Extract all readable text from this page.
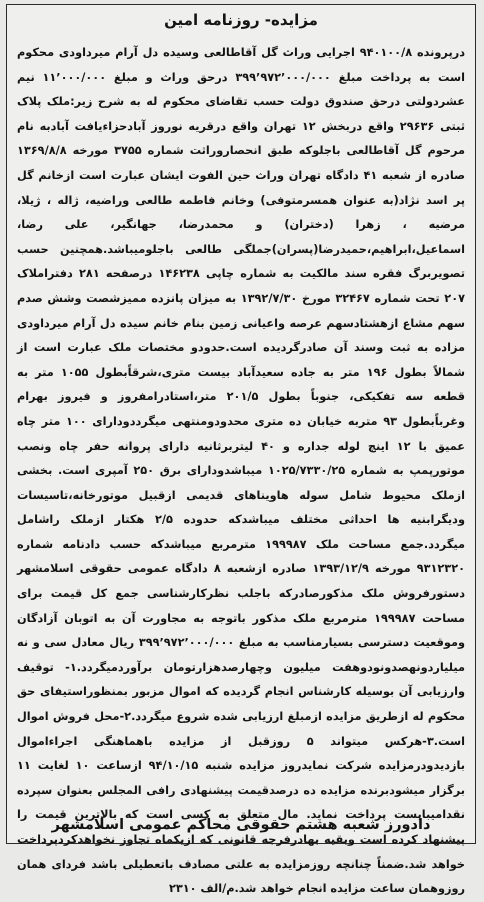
مزایده- روزنامه امین
درپرونده ۹۴۰۱۰۰/۸ اجرایی وراث گل آقاطالعی وسیده دل آرام میرداودی محکوم است به پرداخت مبلغ ۳۹۹٬۹۷۲٬۰۰۰/۰۰۰ درحق وراث و مبلغ ۱۱٬۰۰۰/۰۰۰ نیم عشردولتی درحق صندوق دولت حسب تقاضای محکوم له به شرح زیر:ملک پلاک ثبتی ۲۹۶۳۶ واقع دربخش ۱۲ تهران واقع درقریه نوروز آبادحزاءیافت آبادبه نام مرحوم گل آقاطالعی باجلوکه طبق انحصاروراثت شماره ۳۷۵۵ مورخه ۱۳۶۹/۸/۸ صادره از شعبه ۴۱ دادگاه تهران وراث حین الفوت ایشان عبارت است ازخانم گل پر اسد نژاد(به عنوان همسرمتوفی) وخانم فاطمه طالعی وراضیه، ژاله ، ژیلا، مرضیه ، زهرا (دختران) و محمدرضا، جهانگیر، علی رضا، اسماعیل،ابراهیم،حمیدرضا(پسران)جملگی طالعی باجلومیباشد.همچنین حسب تصویربرگ فقره سند مالکیت به شماره چاپی ۱۴۶۲۳۸ درصفحه ۲۸۱ دفتراملاک ۲۰۷ تحت شماره ۳۲۴۶۷ مورخ ۱۳۹۲/۷/۳۰ به میزان پانزده ممیزشصت وشش صدم سهم مشاع ازهشتادسهم عرصه واعیانی زمین بنام خانم سیده دل آرام میرداودی مزاده به ثبت وسند آن صادرگردیده است.حدودو مختصات ملک عبارت است از شمالاً بطول ۱۹۶ متر به جاده سعیدآباد بیست متری،شرقاًبطول ۱۰۵۵ متر به قطعه سه تفکیکی، جنوباً بطول ۲۰۱/۵ متر،استادرامفروز و فیروز بهرام وغرباًبطول ۹۳ متربه خیابان ده متری محدودومنتهی میگرددودارای ۱۰۰ متر چاه عمیق با ۱۲ اینچ لوله جداره و ۴۰ لیتربرثانیه دارای پروانه حفر چاه ونصب موتورپمپ به شماره ۱۰۲۵/۷۳۳۰/۲۵ میباشدودارای برق ۲۵۰ آمپری است. بخشی ازملک محیوط شامل سوله هاویناهای قدیمی ازقبیل موتورخانه،تاسیسات ودیگرابنیه ها احداثی مختلف میباشدکه حدوده ۲/۵ هکتار ازملک راشامل میگردد.جمع مساحت ملک ۱۹۹۹۸۷ مترمربع میباشدکه حسب دادنامه شماره ۹۳۱۲۳۲۰ مورخه ۱۳۹۳/۱۲/۹ صادره ازشعبه ۸ دادگاه عمومی حقوقی اسلامشهر دستورفروش ملک مذکورصادرکه باجلب نظرکارشناسی جمع کل قیمت برای مساحت ۱۹۹۹۸۷ مترمربع ملک مذکور باتوجه به مجاورت آن به اتوبان آزادگان وموقعیت دسترسی بسیارمناسب به مبلغ ۳۹۹٬۹۷۲٬۰۰۰/۰۰۰ ریال معادل سی و نه میلیاردونهصدونودوهفت میلیون وچهارصدهزارتومان برآوردمیگردد.۱- توقیف وارزیابی آن بوسیله کارشناس انجام گردیده که اموال مزبور بمنظوراستیفای حق محکوم له ازطریق مزایده ازمبلغ ارزیابی شده شروع میگردد.۲-محل فروش اموال است.۳-هرکس میتواند ۵ روزقبل از مزایده باهماهنگی اجراءاموال بازدیدودرمزایده شرکت نمایدروز مزایده شنبه ۹۴/۱۰/۱۵ ازساعت ۱۰ لغایت ۱۱ برگزار میشودبرنده مزایده ده درصدقیمت پیشنهادی رافی المجلس بعنوان سپرده نقدامیبایست پرداخت نماید. مال متعلق به کسی است که بالاترین قیمت را پیشنهاد کرده است وبقیه بهادرفرجه قانونی که ازیکماه تجاوز نخواهدکردپرداخت خواهد شد.ضمناً چنانچه روزمزایده به علتی مصادف باتعطیلی باشد فردای همان روزوهمان ساعت مزایده انجام خواهد شد.م/الف ۲۳۱۰
دادورز شعبه هشتم حقوقی محاکم عمومی اسلامشهر
